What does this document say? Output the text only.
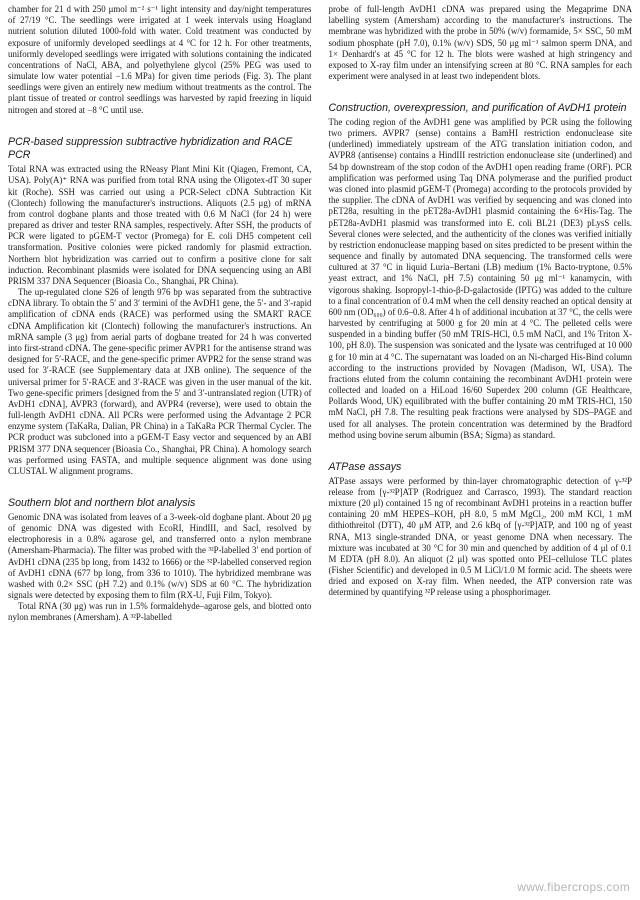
chamber for 21 d with 250 μmol m⁻² s⁻¹ light intensity and day/night temperatures of 27/19 °C. The seedlings were irrigated at 1 week intervals using Hoagland nutrient solution diluted 1000-fold with water. Cold treatment was conducted by exposure of uniformly developed seedlings at 4 °C for 12 h. For other treatments, uniformly developed seedlings were irrigated with solutions containing the indicated concentrations of NaCl, ABA, and polyethylene glycol (25% PEG was used to simulate low water potential −1.6 MPa) for given time periods (Fig. 3). The plant seedlings were given an entirely new medium without treatments as the control. The plant tissue of treated or control seedlings was harvested by rapid freezing in liquid nitrogen and stored at −8 °C until use.

PCR-based suppression subtractive hybridization and RACE PCR

Total RNA was extracted using the RNeasy Plant Mini Kit (Qiagen, Fremont, CA, USA). Poly(A)⁺ RNA was purified from total RNA using the Oligotex-dT 30 super kit (Roche). SSH was carried out using a PCR-Select cDNA Subtraction Kit (Clontech) following the manufacturer's instructions. Aliquots (2.5 μg) of mRNA from control dogbane plants and those treated with 0.6 M NaCl (for 24 h) were prepared as driver and tester RNA samples, respectively. After SSH, the products of PCR were ligated to pGEM-T vector (Promega) for E. coli DH5 competent cell transformation. Positive colonies were picked randomly for plasmid extraction. Northern blot hybridization was carried out to confirm a positive clone for salt induction. Recombinant plasmids were isolated for DNA sequencing using an ABI PRISM 337 DNA Sequencer (Bioasia Co., Shanghai, PR China).

The up-regulated clone S26 of length 976 bp was separated from the subtractive cDNA library. To obtain the 5′ and 3′ termini of the AvDH1 gene, the 5′- and 3′-rapid amplification of cDNA ends (RACE) was performed using the SMART RACE cDNA Amplification kit (Clontech) following the manufacturer's instructions. An mRNA sample (3 μg) from aerial parts of dogbane treated for 24 h was converted into first-strand cDNA. The gene-specific primer AVPR1 for the antisense strand was designed for 5′-RACE, and the gene-specific primer AVPR2 for the sense strand was used for 3′-RACE (see Supplementary data at JXB online). The sequence of the universal primer for 5′-RACE and 3′-RACE was given in the user manual of the kit. Two gene-specific primers [designed from the 5′ and 3′-untranslated region (UTR) of AvDH1 cDNA], AVPR3 (forward), and AVPR4 (reverse), were used to obtain the full-length AvDH1 cDNA. All PCRs were performed using the Advantage 2 PCR enzyme system (TaKaRa, Dalian, PR China) in a TaKaRa PCR Thermal Cycler. The PCR product was subcloned into a pGEM-T Easy vector and sequenced by an ABI PRISM 377 DNA sequencer (Bioasia Co., Shanghai, PR China). A homology search was performed using FASTA, and multiple sequence alignment was done using CLUSTAL W alignment programs.

Southern blot and northern blot analysis

Genomic DNA was isolated from leaves of a 3-week-old dogbane plant. About 20 μg of genomic DNA was digested with EcoRI, HindIII, and SacI, resolved by electrophoresis in a 0.8% agarose gel, and transferred onto a nylon membrane (Amersham-Pharmacia). The filter was probed with the ³²P-labelled 3′ end portion of AvDH1 cDNA (235 bp long, from 1432 to 1666) or the ³²P-labelled conserved region of AvDH1 cDNA (677 bp long, from 336 to 1010). The hybridized membrane was washed with 0.2× SSC (pH 7.2) and 0.1% (w/v) SDS at 60 °C. The hybridization signals were detected by exposing them to film (RX-U, Fuji Film, Tokyo).

Total RNA (30 μg) was run in 1.5% formaldehyde–agarose gels, and blotted onto nylon membranes (Amersham). A ³²P-labelled

probe of full-length AvDH1 cDNA was prepared using the Megaprime DNA labelling system (Amersham) according to the manufacturer's instructions. The membrane was hybridized with the probe in 50% (w/v) formamide, 5× SSC, 50 mM sodium phosphate (pH 7.0), 0.1% (w/v) SDS, 50 μg ml⁻¹ salmon sperm DNA, and 1× Denhardt's at 45 °C for 12 h. The blots were washed at high stringency and exposed to X-ray film under an intensifying screen at 80 °C. RNA samples for each experiment were analysed in at least two independent blots.

Construction, overexpression, and purification of AvDH1 protein

The coding region of the AvDH1 gene was amplified by PCR using the following two primers. AVPR7 (sense) contains a BamHI restriction endonuclease site (underlined) immediately upstream of the ATG translation initiation codon, and AVPR8 (antisense) contains a HindIII restriction endonuclease site (underlined) and 54 bp downstream of the stop codon of the AvDH1 open reading frame (ORF). PCR amplification was performed using Taq DNA polymerase and the purified product was cloned into plasmid pGEM-T (Promega) according to the protocols provided by the supplier. The cDNA of AvDH1 was verified by sequencing and was cloned into pET28a, resulting in the pET28a-AvDH1 plasmid containing the 6×His-Tag. The pET28a-AvDH1 plasmid was transformed into E. coli BL21 (DE3) pLysS cells. Several clones were selected, and the authenticity of the clones was verified initially by restriction endonuclease mapping based on sites predicted to be present within the sequence and finally by automated DNA sequencing. The transformed cells were cultured at 37 °C in liquid Luria–Bertani (LB) medium (1% Bacto-tryptone, 0.5% yeast extract, and 1% NaCl, pH 7.5) containing 50 μg ml⁻¹ kanamycin, with vigorous shaking. Isopropyl-1-thio-β-D-galactoside (IPTG) was added to the culture to a final concentration of 0.4 mM when the cell density reached an optical density at 600 nm (OD₆₀₀) of 0.6–0.8. After 4 h of additional incubation at 37 °C, the cells were harvested by centrifuging at 5000 g for 20 min at 4 °C. The pelleted cells were suspended in a binding buffer (50 mM TRIS-HCl, 0.5 mM NaCl, and 1% Triton X-100, pH 8.0). The suspension was sonicated and the lysate was centrifuged at 10 000 g for 10 min at 4 °C. The supernatant was loaded on an Ni-charged His-Bind column according to the instructions provided by Novagen (Madison, WI, USA). The fractions eluted from the column containing the recombinant AvDH1 protein were collected and loaded on a HiLoad 16/60 Superdex 200 column (GE Healthcare, Pollards Wood, UK) equilibrated with the buffer containing 20 mM TRIS-HCl, 150 mM NaCl, pH 7.8. The resulting peak fractions were analysed by SDS–PAGE and used for all analyses. The protein concentration was determined by the Bradford method using bovine serum albumin (BSA; Sigma) as standard.

ATPase assays

ATPase assays were performed by thin-layer chromatographic detection of γ-³²P release from [γ-³²P]ATP (Rodriguez and Carrasco, 1993). The standard reaction mixture (20 μl) contained 15 ng of recombinant AvDH1 proteins in a reaction buffer containing 20 mM HEPES–KOH, pH 8.0, 5 mM MgCl₂, 200 mM KCl, 1 mM dithiothreitol (DTT), 40 μM ATP, and 2.6 kBq of [γ-³²P]ATP, and 100 ng of yeast RNA, M13 single-stranded DNA, or yeast genome DNA when necessary. The mixture was incubated at 30 °C for 30 min and quenched by addition of 4 μl of 0.1 M EDTA (pH 8.0). An aliquot (2 μl) was spotted onto PEI–cellulose TLC plates (Fisher Scientific) and developed in 0.5 M LiCl/1.0 M formic acid. The sheets were dried and exposed on X-ray film. When needed, the ATP conversion rate was determined by quantifying ³²P release using a phosphorimager.

www.fibercrops.com
